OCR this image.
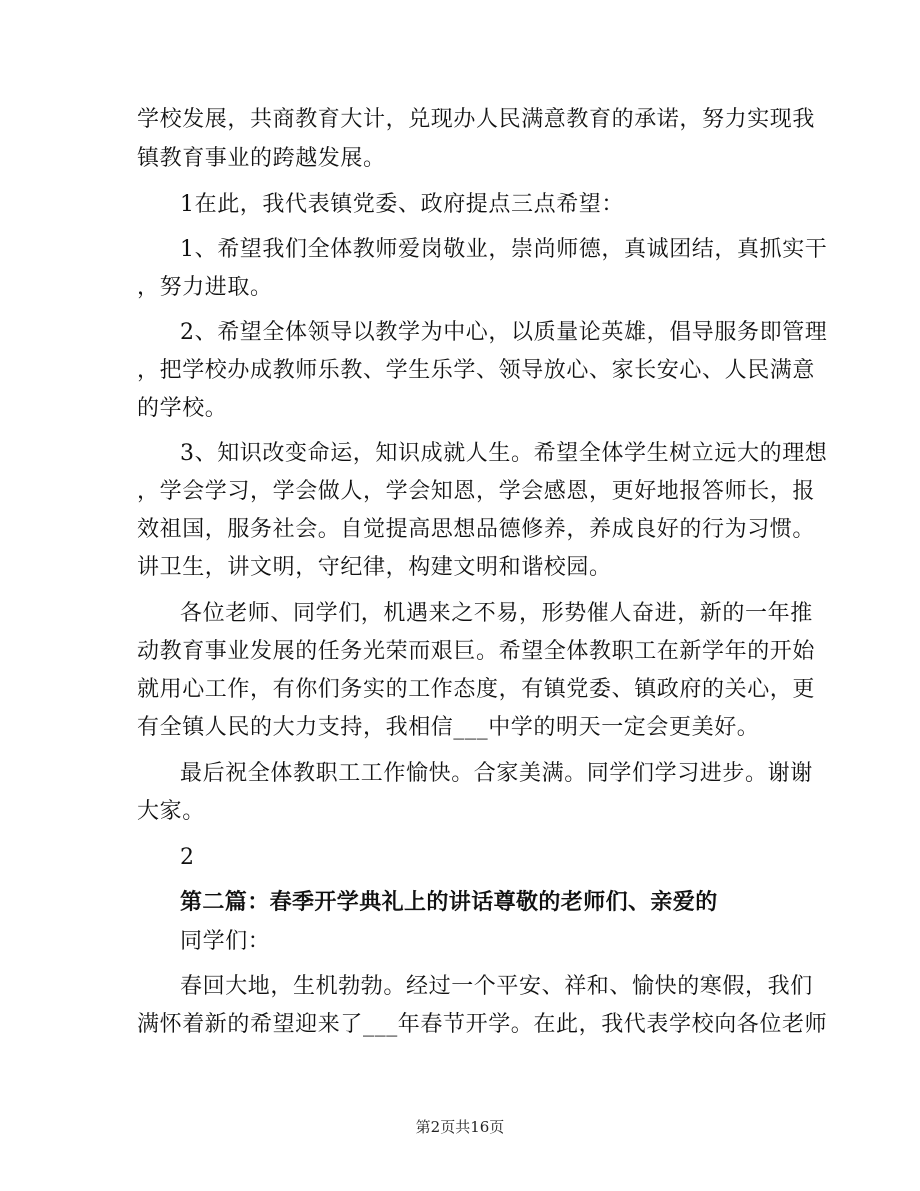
学校发展，共商教育大计，兑现办人民满意教育的承诺，努力实现我
镇教育事业的跨越发展。
1在此，我代表镇党委、政府提点三点希望：
1、希望我们全体教师爱岗敬业，崇尚师德，真诚团结，真抓实干
，努力进取。
2、希望全体领导以教学为中心，以质量论英雄，倡导服务即管理
，把学校办成教师乐教、学生乐学、领导放心、家长安心、人民满意
的学校。
3、知识改变命运，知识成就人生。希望全体学生树立远大的理想
，学会学习，学会做人，学会知恩，学会感恩，更好地报答师长，报
效祖国，服务社会。自觉提高思想品德修养，养成良好的行为习惯。
讲卫生，讲文明，守纪律，构建文明和谐校园。
各位老师、同学们，机遇来之不易，形势催人奋进，新的一年推
动教育事业发展的任务光荣而艰巨。希望全体教职工在新学年的开始
就用心工作，有你们务实的工作态度，有镇党委、镇政府的关心，更
有全镇人民的大力支持，我相信___中学的明天一定会更美好。
最后祝全体教职工工作愉快。合家美满。同学们学习进步。谢谢
大家。
2
第二篇：春季开学典礼上的讲话尊敬的老师们、亲爱的
同学们：
春回大地，生机勃勃。经过一个平安、祥和、愉快的寒假，我们
满怀着新的希望迎来了___年春节开学。在此，我代表学校向各位老师
第2页共16页
